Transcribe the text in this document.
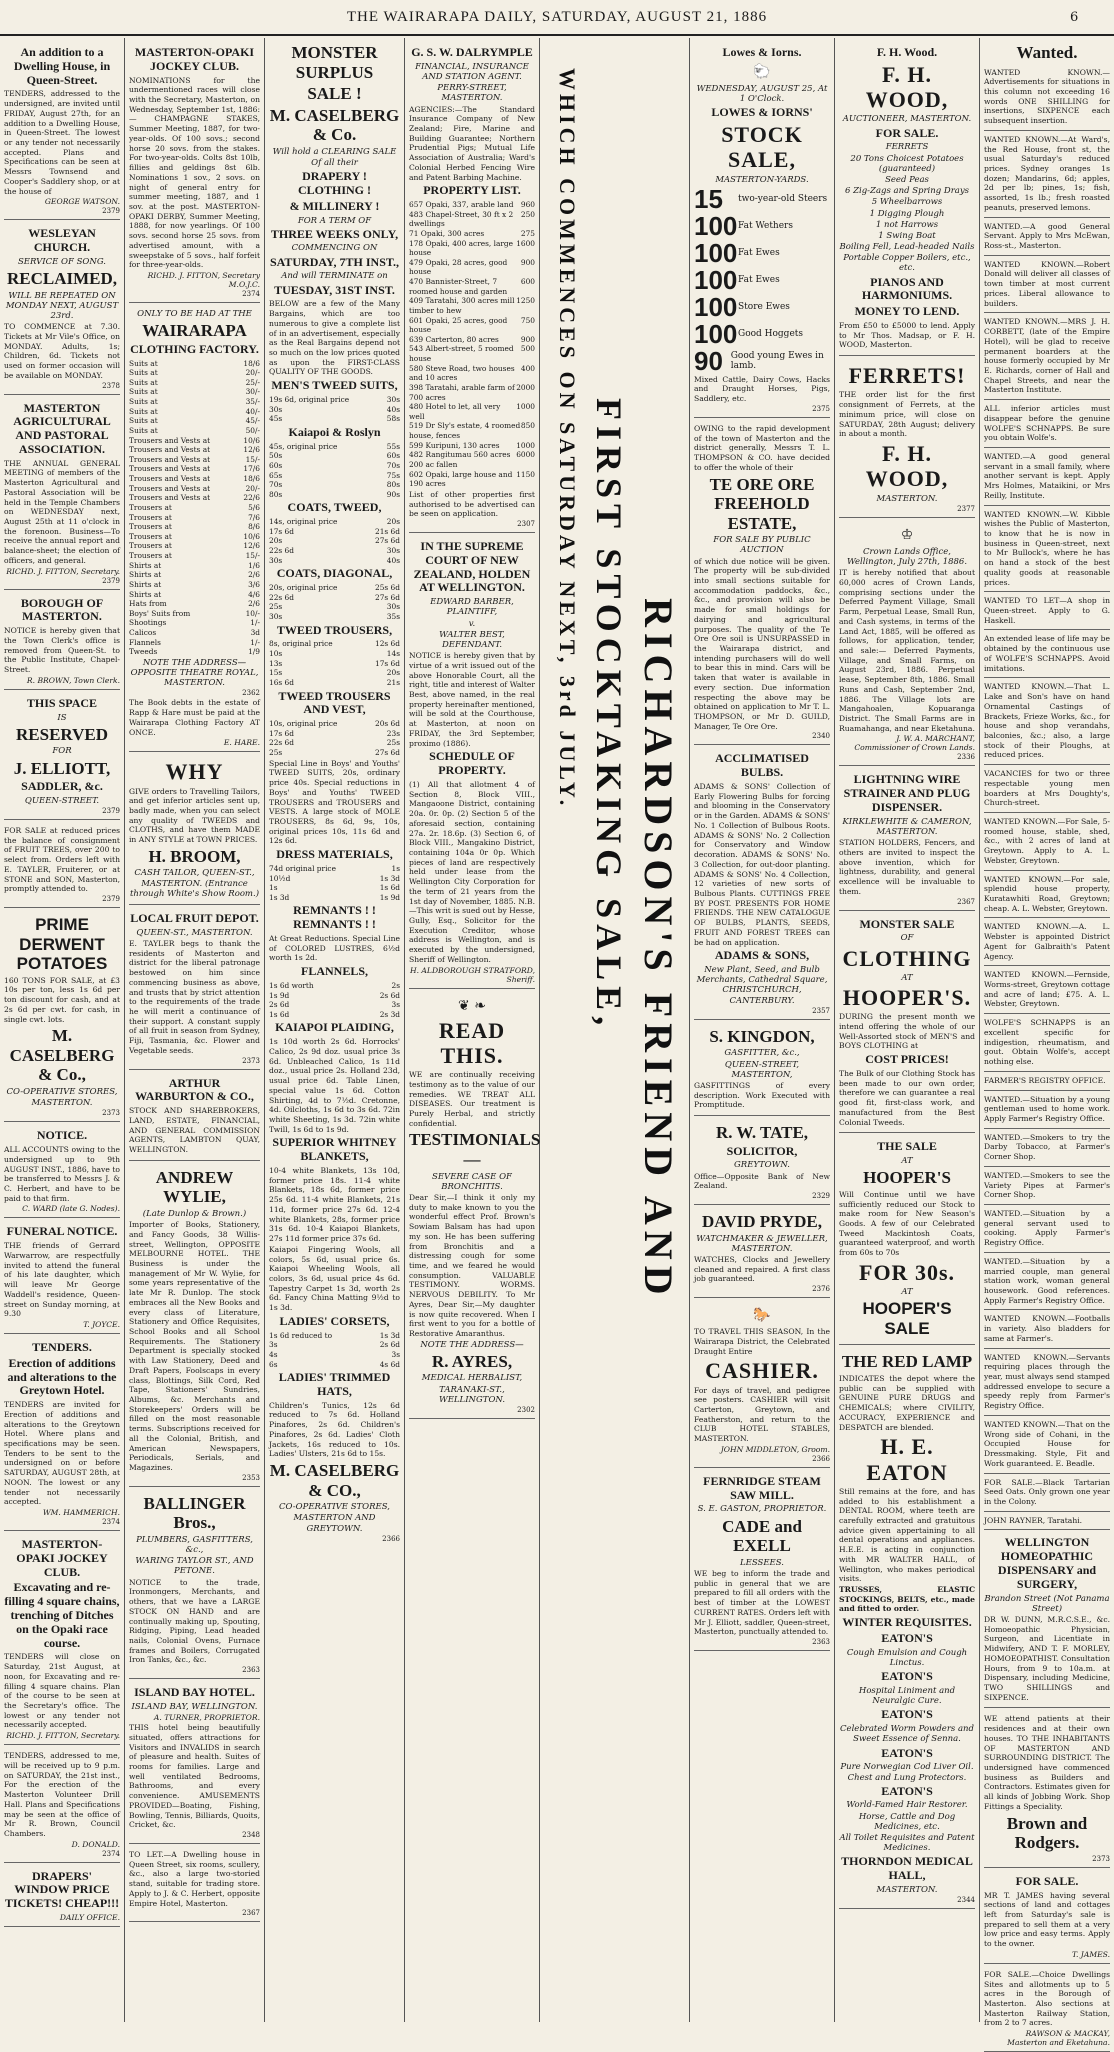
THE WAIRARAPA DAILY, SATURDAY, AUGUST 21, 1886	6
An addition to a Dwelling House, in Queen-Street.
TENDERS, addressed to the undersigned, are invited until FRIDAY, August 27th, for an addition to a Dwelling House, in Queen-Street. The lowest or any tender not necessarily accepted. Plans and Specifications can be seen at Messrs Townsend and Cooper's Saddlery shop, or at the house of
GEORGE WATSON.
2379
WESLEYAN CHURCH.
SERVICE OF SONG.
RECLAIMED,
WILL BE REPEATED ON MONDAY NEXT, AUGUST 23rd.
TO COMMENCE at 7.30. Tickets at Mr Vile's Office, on MONDAY. Adults, 1s; Children, 6d. Tickets not used on former occasion will be available on MONDAY.
2378
MASTERTON AGRICULTURAL AND PASTORAL ASSOCIATION.
THE ANNUAL GENERAL MEETING of members of the Masterton Agricultural and Pastoral Association will be held in the Temple Chambers on WEDNESDAY next, August 25th at 11 o'clock in the forenoon. Business—To receive the annual report and balance-sheet; the election of officers, and general.
RICHD. J. FITTON, Secretary.
2379
BOROUGH OF MASTERTON.
NOTICE is hereby given that the Town Clerk's office is removed from Queen-St. to the Public Institute, Chapel-Street.
R. BROWN, Town Clerk.
THIS SPACE
IS
RESERVED
FOR
J. ELLIOTT,
SADDLER, &c.
QUEEN-STREET.
2379
FOR SALE at reduced prices the balance of consignment of FRUIT TREES, over 200 to select from. Orders left with E. TAYLER, Fruiterer, or at STONE and SON, Masterton, promptly attended to.
2379
PRIME DERWENT POTATOES
160 TONS FOR SALE, at £3 10s per ton, less 1s 6d per ton discount for cash, and at 2s 6d per cwt. for cash, in single cwt. lots.
M. CASELBERG & Co.,
CO-OPERATIVE STORES,
MASTERTON.
2373
NOTICE.
ALL ACCOUNTS owing to the undersigned up to 9th AUGUST INST., 1886, have to be transferred to Messrs J. & C. Herbert, and have to be paid to that firm.
C. WARD (late G. Nodes).
FUNERAL NOTICE.
THE friends of Gerrard Warwarrow, are respectfully invited to attend the funeral of his late daughter, which will leave Mr George Waddell's residence, Queen-street on Sunday morning, at 9.30
T. JOYCE.
TENDERS.
Erection of additions and alterations to the Greytown Hotel.
TENDERS are invited for Erection of additions and alterations to the Greytown Hotel. Where plans and specifications may be seen. Tenders to be sent to the undersigned on or before SATURDAY, AUGUST 28th, at NOON. The lowest or any tender not necessarily accepted.
WM. HAMMERICH.
2374
MASTERTON-OPAKI JOCKEY CLUB.
Excavating and re-filling 4 square chains, trenching of Ditches on the Opaki race course.
TENDERS will close on Saturday, 21st August, at noon, for Excavating and re-filling 4 square chains. Plan of the course to be seen at the Secretary's office. The lowest or any tender not necessarily accepted.
RICHD. J. FITTON, Secretary.
TENDERS, addressed to me, will be received up to 9 p.m. on SATURDAY, the 21st inst., For the erection of the Masterton Volunteer Drill Hall. Plans and Specifications may be seen at the office of Mr R. Brown, Council Chambers.
D. DONALD.
2374
DRAPERS' WINDOW PRICE TICKETS! CHEAP!!!
DAILY OFFICE.
MASTERTON-OPAKI JOCKEY CLUB.
NOMINATIONS for the undermentioned races will close with the Secretary, Masterton, on Wednesday, September 1st, 1886:— CHAMPAGNE STAKES, Summer Meeting, 1887, for two-year-olds. Of 100 sovs.; second horse 20 sovs. from the stakes. For two-year-olds. Colts 8st 10lb, fillies and geldings 8st 6lb. Nominations 1 sov., 2 sovs. on night of general entry for summer meeting, 1887, and 1 sov. at the post. MASTERTON-OPAKI DERBY, Summer Meeting, 1888, for now yearlings. Of 100 sovs. second horse 25 sovs. from advertised amount, with a sweepstake of 5 sovs., half forfeit for three-year-olds.
RICHD. J. FITTON, Secretary M.O.J.C.
2374
ONLY TO BE HAD AT THE
WAIRARAPA
CLOTHING FACTORY.
Suits at	18/6
Suits at	20/-
Suits at	25/-
Suits at	30/-
Suits at	35/-
Suits at	40/-
Suits at	45/-
Suits at	50/-
Trousers and Vests at	10/6
Trousers and Vests at	12/6
Trousers and Vests at	15/-
Trousers and Vests at	17/6
Trousers and Vests at	18/6
Trousers and Vests at	20/-
Trousers and Vests at	22/6
Trousers at	5/6
Trousers at	7/6
Trousers at	8/6
Trousers at	10/6
Trousers at	12/6
Trousers at	15/-
Shirts at	1/6
Shirts at	2/6
Shirts at	3/6
Shirts at	4/6
Hats from	2/6
Boys' Suits from	10/-
Shootings	1/-
Calicos	3d
Flannels	1/-
Tweeds	1/9
NOTE THE ADDRESS— OPPOSITE THEATRE ROYAL, MASTERTON.
2362
The Book debts in the estate of Rapp & Hare must be paid at the Wairarapa Clothing Factory AT ONCE.
E. HARE.
WHY
GIVE orders to Travelling Tailors, and get inferior articles sent up, badly made, when you can select any quality of TWEEDS and CLOTHS, and have them MADE in ANY STYLE at TOWN PRICES.
H. BROOM,
CASH TAILOR, QUEEN-ST., MASTERTON. (Entrance through White's Show Room.)
LOCAL FRUIT DEPOT.
QUEEN-ST., MASTERTON.
E. TAYLER begs to thank the residents of Masterton and district for the liberal patronage bestowed on him since commencing business as above, and trusts that by strict attention to the requirements of the trade he will merit a continuance of their support. A constant supply of all fruit in season from Sydney, Fiji, Tasmania, &c. Flower and Vegetable seeds.
2373
ARTHUR WARBURTON & CO.,
STOCK AND SHAREBROKERS, LAND, ESTATE, FINANCIAL, AND GENERAL COMMISSION AGENTS, LAMBTON QUAY, WELLINGTON.
ANDREW WYLIE,
(Late Dunlop & Brown.)
Importer of Books, Stationery, and Fancy Goods, 38 Willis-street, Wellington, OPPOSITE MELBOURNE HOTEL. THE Business is under the management of Mr W. Wylie, for some years representative of the late Mr R. Dunlop. The stock embraces all the New Books and every class of Literature, Stationery and Office Requisites, School Books and all School Requirements. The Stationery Department is specially stocked with Law Stationery, Deed and Draft Papers, Foolscaps in every class, Blottings, Silk Cord, Red Tape, Stationers' Sundries, Albums, &c. Merchants and Storekeepers' Orders will be filled on the most reasonable terms. Subscriptions received for all the Colonial, British, and American Newspapers, Periodicals, Serials, and Magazines.
2353
BALLINGER Bros.,
PLUMBERS, GASFITTERS, &c.,
WARING TAYLOR ST., AND PETONE.
NOTICE to the trade, Ironmongers, Merchants, and others, that we have a LARGE STOCK ON HAND and are continually making up, Spouting, Ridging, Piping, Lead headed nails, Colonial Ovens, Furnace frames and Boilers, Corrugated Iron Tanks, &c., &c.
2363
ISLAND BAY HOTEL.
ISLAND BAY, WELLINGTON.
A. TURNER, PROPRIETOR.
THIS hotel being beautifully situated, offers attractions for Visitors and INVALIDS in search of pleasure and health. Suites of rooms for families. Large and well ventilated Bedrooms, Bathrooms, and every convenience. AMUSEMENTS PROVIDED—Boating, Fishing, Bowling, Tennis, Billiards, Quoits, Cricket, &c.
2348
TO LET.—A Dwelling house in Queen Street, six rooms, scullery, &c., also a large two-storied stand, suitable for trading store. Apply to J. & C. Herbert, opposite Empire Hotel, Masterton.
2367
MONSTER SURPLUS
SALE !
M. CASELBERG & Co.
Will hold a CLEARING SALE
Of all their
DRAPERY ! CLOTHING !
& MILLINERY !
FOR A TERM OF
THREE WEEKS ONLY,
COMMENCING ON
SATURDAY, 7TH INST.,
And will TERMINATE on
TUESDAY, 31ST INST.
BELOW are a few of the Many Bargains, which are too numerous to give a complete list of in an advertisement, especially as the Real Bargains depend not so much on the low prices quoted as upon the FIRST-CLASS QUALITY OF THE GOODS.
MEN'S TWEED SUITS,
19s 6d, original price	30s
30s	40s
45s	58s
Kaiapoi & Roslyn
45s, original price	55s
50s	60s
60s	70s
65s	75s
70s	80s
80s	90s
COATS, TWEED,
14s, original price	20s
17s 6d	21s 6d
20s	27s 6d
22s 6d	30s
30s	40s
COATS, DIAGONAL,
20s, original price	25s 6d
22s 6d	27s 6d
25s	30s
30s	35s
TWEED TROUSERS,
8s, original price	12s 6d
10s	14s
13s	17s 6d
15s	20s
16s 6d	21s
TWEED TROUSERS AND VEST,
10s, original price	20s 6d
17s 6d	23s
22s 6d	25s
25s	27s 6d
Special Line in Boys' and Youths' TWEED SUITS, 20s, ordinary price 40s. Special reductions in Boys' and Youths' TWEED TROUSERS and TROUSERS and VESTS. A large stock of MOLE TROUSERS, 8s 6d, 9s, 10s, original prices 10s, 11s 6d and 12s 6d.
DRESS MATERIALS,
74d original price	1s
10½d	1s 3d
1s	1s 6d
1s 3d	1s 9d
REMNANTS ! ! REMNANTS ! !
At Great Reductions. Special Line of COLORED LUSTRES, 6½d worth 1s 2d.
FLANNELS,
1s 6d worth	2s
1s 9d	2s 6d
2s 6d	3s
1s 6d	2s 3d
KAIAPOI PLAIDING,
1s 10d worth 2s 6d. Horrocks' Calico, 2s 9d doz. usual price 3s 6d. Unbleached Calico, 1s 11d doz., usual price 2s. Holland 23d, usual price 6d. Table Linen, special value 1s 6d. Cotton Shirting, 4d to 7½d. Cretonne, 4d. Oilcloths, 1s 6d to 3s 6d. 72in white Sheeting, 1s 3d. 72in white Twill, 1s 6d to 1s 9d.
SUPERIOR WHITNEY BLANKETS,
10-4 white Blankets, 13s 10d, former price 18s. 11-4 white Blankets, 18s 6d, former price 25s 6d. 11-4 white Blankets, 21s 11d, former price 27s 6d. 12-4 white Blankets, 28s, former price 31s 6d. 10-4 Kaiapoi Blankets, 27s 11d former price 37s 6d.
Kaiapoi Fingering Wools, all colors, 5s 6d, usual price 6s. Kaiapoi Wheeling Wools, all colors, 3s 6d, usual price 4s 6d. Tapestry Carpet 1s 3d, worth 2s 6d. Fancy China Matting 9½d to 1s 3d.
LADIES' CORSETS,
1s 6d reduced to	1s 3d
3s	2s 6d
4s	3s
6s	4s 6d
LADIES' TRIMMED HATS,
Children's Tunics, 12s 6d reduced to 7s 6d. Holland Pinafores, 2s 6d. Children's Pinafores, 2s 6d. Ladies' Cloth Jackets, 16s reduced to 10s. Ladies' Ulsters, 21s 6d to 15s.
M. CASELBERG & CO.,
CO-OPERATIVE STORES,
MASTERTON AND GREYTOWN.
2366
G. S. W. DALRYMPLE
FINANCIAL, INSURANCE AND STATION AGENT.
PERRY-STREET, MASTERTON.
AGENCIES:—The Standard Insurance Company of New Zealand; Fire, Marine and Building Guarantee; Northern Prudential Pigs; Mutual Life Association of Australia; Ward's Colonial Herbed Fencing Wire and Patent Barbing Machine.
PROPERTY LIST.
657 Opaki, 337, arable land 960
483 Chapel-Street, 30 ft x 2 dwellings
250
71 Opaki, 300 acres	275
178 Opaki, 400 acres, large house
1600
479 Opaki, 28 acres, good house
900
470 Bannister-Street, 7 roomed house and garden
600
409 Taratahi, 300 acres mill timber to hew
1250
601 Opaki, 25 acres, good house
750
639 Carterton, 80 acres	900
543 Albert-street, 5 roomed house
500
580 Steve Road, two houses and 10 acres
400
398 Taratahi, arable farm of 700 acres
2000
480 Hotel to let, all very well
1000
519 Dr Sly's estate, 4 roomed house, fences
850
599 Kuripuni, 130 acres 1000
482 Rangitumau 560 acres 200 ac fallen
6000
602 Opaki, large house and 190 acres
1150
List of other properties first authorised to be advertised can be seen on application.
2307
IN THE SUPREME COURT OF NEW ZEALAND, HOLDEN AT WELLINGTON.
EDWARD BARBER, PLAINTIFF,
v.
WALTER BEST, DEFENDANT.
NOTICE is hereby given that by virtue of a writ issued out of the above Honorable Court, all the right, title and interest of Walter Best, above named, in the real property hereinafter mentioned, will be sold at the Courthouse, at Masterton, at noon on FRIDAY, the 3rd September, proximo (1886).
SCHEDULE OF PROPERTY.
(1) All that allotment 4 of Section 8, Block VIII., Mangaoone District, containing 20a. 0r. 0p. (2) Section 5 of the aforesaid section, containing 27a. 2r. 18.6p. (3) Section 6, of Block VIII., Mangakino District, containing 104a 0r 0p. Which pieces of land are respectively held under lease from the Wellington City Corporation for the term of 21 years from the 1st day of November, 1885. N.B.—This writ is sued out by Hesse, Gully, Esq., Solicitor for the Execution Creditor, whose address is Wellington, and is executed by the undersigned, Sheriff of Wellington.
H. ALDBOROUGH STRATFORD, Sheriff.
❦ ❧
READ THIS.
WE are continually receiving testimony as to the value of our remedies. WE TREAT ALL DISEASES. Our treatment is Purely Herbal, and strictly confidential.
TESTIMONIALS—
SEVERE CASE OF BRONCHITIS.
Dear Sir,—I think it only my duty to make known to you the wonderful effect Prof. Brown's Sowiam Balsam has had upon my son. He has been suffering from Bronchitis and a distressing cough for some time, and we feared he would consumption. VALUABLE TESTIMONY. WORMS. NERVOUS DEBILITY. To Mr Ayres, Dear Sir,—My daughter is now quite recovered. When I first went to you for a bottle of Restorative Amaranthus.
NOTE THE ADDRESS—
R. AYRES,
MEDICAL HERBALIST,
TARANAKI-ST., WELLINGTON.
2302
WHICH COMMENCES ON SATURDAY NEXT, 3rd JULY. FIRST STOCKTAKING SALE, RICHARDSON'S FRIEND AND
Lowes & Iorns.
🐑
WEDNESDAY, AUGUST 25, At 1 O'Clock.
LOWES & IORNS'
STOCK SALE,
MASTERTON-YARDS.
15	two-year-old Steers
100 Fat Wethers
100 Fat Ewes
100 Fat Ewes
100 Store Ewes
100 Good Hoggets
90 Good young Ewes in lamb.
Mixed Cattle, Dairy Cows, Hacks and Draught Horses, Pigs, Saddlery, etc.
2375
OWING to the rapid development of the town of Masterton and the district generally, Messrs T. L. THOMPSON & CO. have decided to offer the whole of their
TE ORE ORE FREEHOLD ESTATE,
FOR SALE BY PUBLIC AUCTION
of which due notice will be given. The property will be sub-divided into small sections suitable for accommodation paddocks, &c., &c., and provision will also be made for small holdings for dairying and agricultural purposes. The quality of the Te Ore Ore soil is UNSURPASSED in the Wairarapa district, and intending purchasers will do well to bear this in mind. Cars will be taken that water is available in every section. Due information respecting the above may be obtained on application to Mr T. L. THOMPSON, or Mr D. GUILD, Manager, Te Ore Ore.
2340
ACCLIMATISED BULBS.
ADAMS & SONS' Collection of Early Flowering Bulbs for forcing and blooming in the Conservatory or in the Garden. ADAMS & SONS' No. 1 Collection of Bulbous Roots. ADAMS & SONS' No. 2 Collection for Conservatory and Window decoration. ADAMS & SONS' No. 3 Collection, for out-door planting. ADAMS & SONS' No. 4 Collection, 12 varieties of new sorts of Bulbous Plants. CUTTINGS FREE BY POST. PRESENTS FOR HOME FRIENDS. THE NEW CATALOGUE OF BULBS, PLANTS, SEEDS, FRUIT AND FOREST TREES can be had on application.
ADAMS & SONS,
New Plant, Seed, and Bulb Merchants, Cathedral Square, CHRISTCHURCH, CANTERBURY.
2357
S. KINGDON,
GASFITTER, &c.,
QUEEN-STREET, MASTERTON,
GASFITTINGS of every description. Work Executed with Promptitude.
R. W. TATE,
SOLICITOR,
GREYTOWN.
Office—Opposite Bank of New Zealand.
2329
DAVID PRYDE,
WATCHMAKER & JEWELLER, MASTERTON.
WATCHES, Clocks and Jewellery cleaned and repaired. A first class job guaranteed.
2376
🐎
TO TRAVEL THIS SEASON, In the Wairarapa District, the Celebrated Draught Entire
CASHIER.
For days of travel, and pedigree see posters. CASHIER will visit Carterton, Greytown, and Featherston, and return to the CLUB HOTEL STABLES, MASTERTON.
JOHN MIDDLETON, Groom.
2366
FERNRIDGE STEAM SAW MILL.
S. E. GASTON, PROPRIETOR.
CADE and EXELL
LESSEES.
WE beg to inform the trade and public in general that we are prepared to fill all orders with the best of timber at the LOWEST CURRENT RATES. Orders left with Mr J. Elliott, saddler, Queen-street, Masterton, punctually attended to.
2363
F. H. Wood.
F. H. WOOD,
AUCTIONEER, MASTERTON.
FOR SALE.
FERRETS
20 Tons Choicest Potatoes (guaranteed)
Seed Peas
6 Zig-Zags and Spring Drays
5 Wheelbarrows
1 Digging Plough
1 not Harrows
1 Swing Boat
Boiling Fell, Lead-headed Nails
Portable Copper Boilers, etc., etc.
PIANOS AND HARMONIUMS.
MONEY TO LEND.
From £50 to £5000 to lend. Apply to Mr Thos. Madsap, or F. H. WOOD, Masterton.
FERRETS!
THE order list for the first consignment of Ferrets, at the minimum price, will close on SATURDAY, 28th August; delivery in about a month.
F. H. WOOD,
MASTERTON.
2377
♔
Crown Lands Office, Wellington, July 27th, 1886.
IT is hereby notified that about 60,000 acres of Crown Lands, comprising sections under the Deferred Payment Village, Small Farm, Perpetual Lease, Small Run, and Cash systems, in terms of the Land Act, 1885, will be offered as follows, for application, tender, and sale:— Deferred Payments, Village, and Small Farms, on August 23rd, 1886. Perpetual lease, September 8th, 1886. Small Runs and Cash, September 2nd, 1886. The Village lots are Mangahoalen, Kopuaranga District. The Small Farms are in Ruamahanga, and near Eketahuna.
J. W. A. MARCHANT, Commissioner of Crown Lands.
2336
LIGHTNING WIRE STRAINER AND PLUG DISPENSER.
KIRKLEWHITE & CAMERON, MASTERTON.
STATION HOLDERS, Fencers, and others are invited to inspect the above invention, which for lightness, durability, and general excellence will be invaluable to them.
2367
MONSTER SALE
OF
CLOTHING
AT
HOOPER'S.
DURING the present month we intend offering the whole of our Well-Assorted stock of MEN'S and BOYS CLOTHING at
COST PRICES!
The Bulk of our Clothing Stock has been made to our own order, therefore we can guarantee a real good fit, first-class work, and manufactured from the Best Colonial Tweeds.
THE SALE
AT
HOOPER'S
Will Continue until we have sufficiently reduced our Stock to make room for New Season's Goods. A few of our Celebrated Tweed Mackintosh Coats, guaranteed waterproof, and worth from 60s to 70s
FOR 30s.
AT
HOOPER'S SALE
THE RED LAMP
INDICATES the depot where the public can be supplied with GENUINE PURE DRUGS and CHEMICALS; where CIVILITY, ACCURACY, EXPERIENCE and DESPATCH are blended.
H. E. EATON
Still remains at the fore, and has added to his establishment a DENTAL ROOM, where teeth are carefully extracted and gratuitous advice given appertaining to all dental operations and appliances. H.E.E. is acting in conjunction with MR WALTER HALL, of Wellington, who makes periodical visits.
TRUSSES, ELASTIC STOCKINGS, BELTS, etc., made and fitted to order.
WINTER REQUISITES.
EATON'S
Cough Emulsion and Cough Linctus.
EATON'S
Hospital Liniment and Neuralgic Cure.
EATON'S
Celebrated Worm Powders and Sweet Essence of Senna.
EATON'S
Pure Norwegian Cod Liver Oil. Chest and Lung Protectors.
EATON'S
World-Famed Hair Restorer.
Horse, Cattle and Dog Medicines, etc.
All Toilet Requisites and Patent Medicines.
THORNDON MEDICAL HALL,
MASTERTON.
2344
Wanted.
WANTED KNOWN.—Advertisements for situations in this column not exceeding 16 words ONE SHILLING for insertions, SIXPENCE each subsequent insertion.
WANTED KNOWN.—At Ward's, the Red House, front st, the usual Saturday's reduced prices. Sydney oranges 1s dozen; Mandarins, 6d; apples, 2d per lb; pines, 1s; fish, assorted, 1s lb.; fresh roasted peanuts, preserved lemons.
WANTED.—A good General Servant. Apply to Mrs McEwan, Ross-st., Masterton.
WANTED KNOWN.—Robert Donald will deliver all classes of town timber at most current prices. Liberal allowance to builders.
WANTED KNOWN.—MRS J. H. CORBETT, (late of the Empire Hotel), will be glad to receive permanent boarders at the house formerly occupied by Mr E. Richards, corner of Hall and Chapel Streets, and near the Masterton Institute.
ALL inferior articles must disappear before the genuine WOLFE'S SCHNAPPS. Be sure you obtain Wolfe's.
WANTED.—A good general servant in a small family, where another servant is kept. Apply Mrs Holmes, Mataikini, or Mrs Reilly, Institute.
WANTED KNOWN.—W. Kibble wishes the Public of Masterton, to know that he is now in business in Queen-street, next to Mr Bullock's, where he has on hand a stock of the best quality goods at reasonable prices.
WANTED TO LET—A shop in Queen-street. Apply to G. Haskell.
An extended lease of life may be obtained by the continuous use of WOLFE'S SCHNAPPS. Avoid imitations.
WANTED KNOWN.—That L. Lake and Son's have on hand Ornamental Castings of Brackets, Frieze Works, &c., for house and shop verandahs, balconies, &c.; also, a large stock of their Ploughs, at reduced prices.
VACANCIES for two or three respectable young men boarders at Mrs Doughty's, Church-street.
WANTED KNOWN.—For Sale, 5-roomed house, stable, shed, &c., with 2 acres of land at Greytown. Apply to A. L. Webster, Greytown.
WANTED KNOWN.—For sale, splendid house property, Kuratawhiti Road, Greytown; cheap. A. L. Webster, Greytown.
WANTED KNOWN.—A. L. Webster is appointed District Agent for Galbraith's Patent Agency.
WANTED KNOWN.—Fernside, Worms-street, Greytown cottage and acre of land; £75. A. L. Webster, Greytown.
WOLFE'S SCHNAPPS is an excellent specific for indigestion, rheumatism, and gout. Obtain Wolfe's, accept nothing else.
FARMER'S REGISTRY OFFICE.
WANTED.—Situation by a young gentleman used to home work. Apply Farmer's Registry Office.
WANTED.—Smokers to try the Darby Tobacco, at Farmer's Corner Shop.
WANTED.—Smokers to see the Variety Pipes at Farmer's Corner Shop.
WANTED.—Situation by a general servant used to cooking. Apply Farmer's Registry Office.
WANTED.—Situation by a married couple, man general station work, woman general housework. Good references. Apply Farmer's Registry Office.
WANTED KNOWN.—Footballs in variety. Also bladders for same at Farmer's.
WANTED KNOWN.—Servants requiring places through the year, must always send stamped addressed envelope to secure a speedy reply from Farmer's Registry Office.
WANTED KNOWN.—That on the Wrong side of Cohani, in the Occupied House for Dressmaking. Style, Fit and Work guaranteed. E. Beadle.
FOR SALE.—Black Tartarian Seed Oats. Only grown one year in the Colony.
JOHN RAYNER, Taratahi.
WELLINGTON HOMEOPATHIC DISPENSARY and SURGERY,
Brandon Street (Not Panama Street)
DR W. DUNN, M.R.C.S.E., &c. Homoeopathic Physician, Surgeon, and Licentiate in Midwifery, AND T. F. MORLEY, HOMOEOPATHIST. Consultation Hours, from 9 to 10a.m. at Dispensary, including Medicine, TWO SHILLINGS and SIXPENCE.
WE attend patients at their residences and at their own houses. TO THE INHABITANTS OF MASTERTON AND SURROUNDING DISTRICT. The undersigned have commenced business as Builders and Contractors. Estimates given for all kinds of Jobbing Work. Shop Fittings a Speciality.
Brown and Rodgers.
2373
FOR SALE.
MR T. JAMES having several sections of land and cottages left from Saturday's sale is prepared to sell them at a very low price and easy terms. Apply to the owner.
T. JAMES.
FOR SALE.—Choice Dwellings Sites and allotments up to 5 acres in the Borough of Masterton. Also sections at Masterton Railway Station, from 2 to 7 acres.
RAWSON & MACKAY, Masterton and Eketahuna.
